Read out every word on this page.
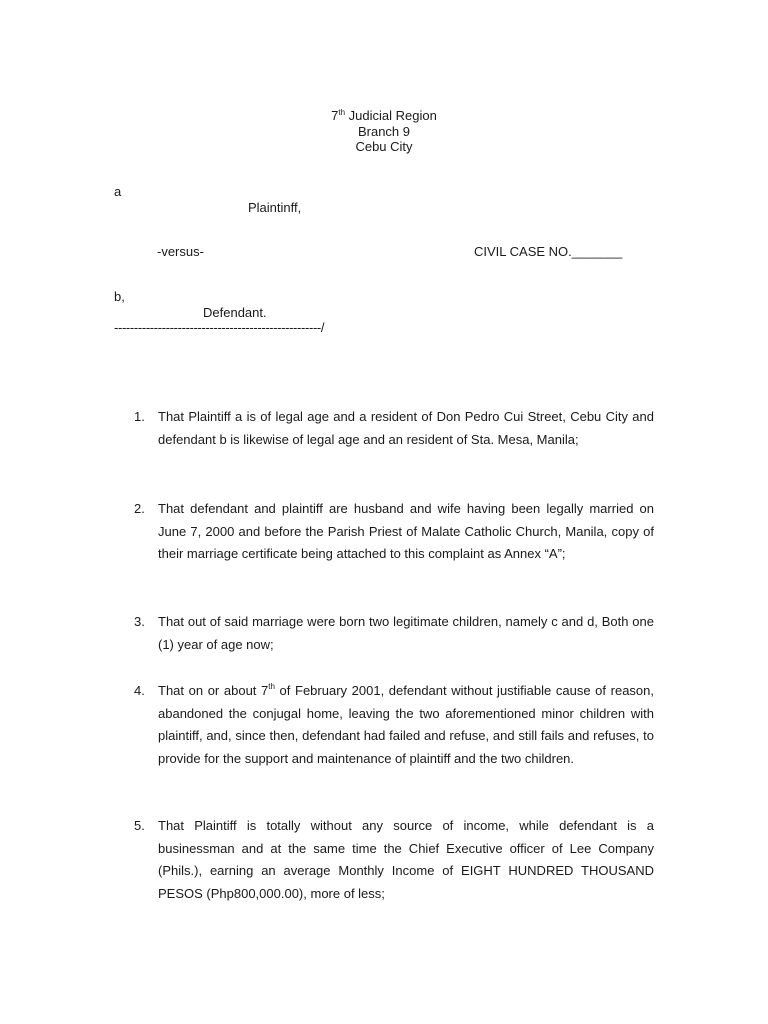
7th Judicial Region
Branch 9
Cebu City
a
Plaintinff,
-versus-	CIVIL CASE NO._______
b,
Defendant.
----------------------------------------------------/
1. That Plaintiff a is of legal age and a resident of Don Pedro Cui Street, Cebu City and defendant b is likewise of legal age and an resident of Sta. Mesa, Manila;
2. That defendant and plaintiff are husband and wife having been legally married on June 7, 2000 and before the Parish Priest of Malate Catholic Church, Manila, copy of their marriage certificate being attached to this complaint as Annex “A”;
3. That out of said marriage were born two legitimate children, namely c and d, Both one (1) year of age now;
4. That on or about 7th of February 2001, defendant without justifiable cause of reason, abandoned the conjugal home, leaving the two aforementioned minor children with plaintiff, and, since then, defendant had failed and refuse, and still fails and refuses, to provide for the support and maintenance of plaintiff and the two children.
5. That Plaintiff is totally without any source of income, while defendant is a businessman and at the same time the Chief Executive officer of Lee Company (Phils.), earning an average Monthly Income of EIGHT HUNDRED THOUSAND PESOS (Php800,000.00), more of less;
